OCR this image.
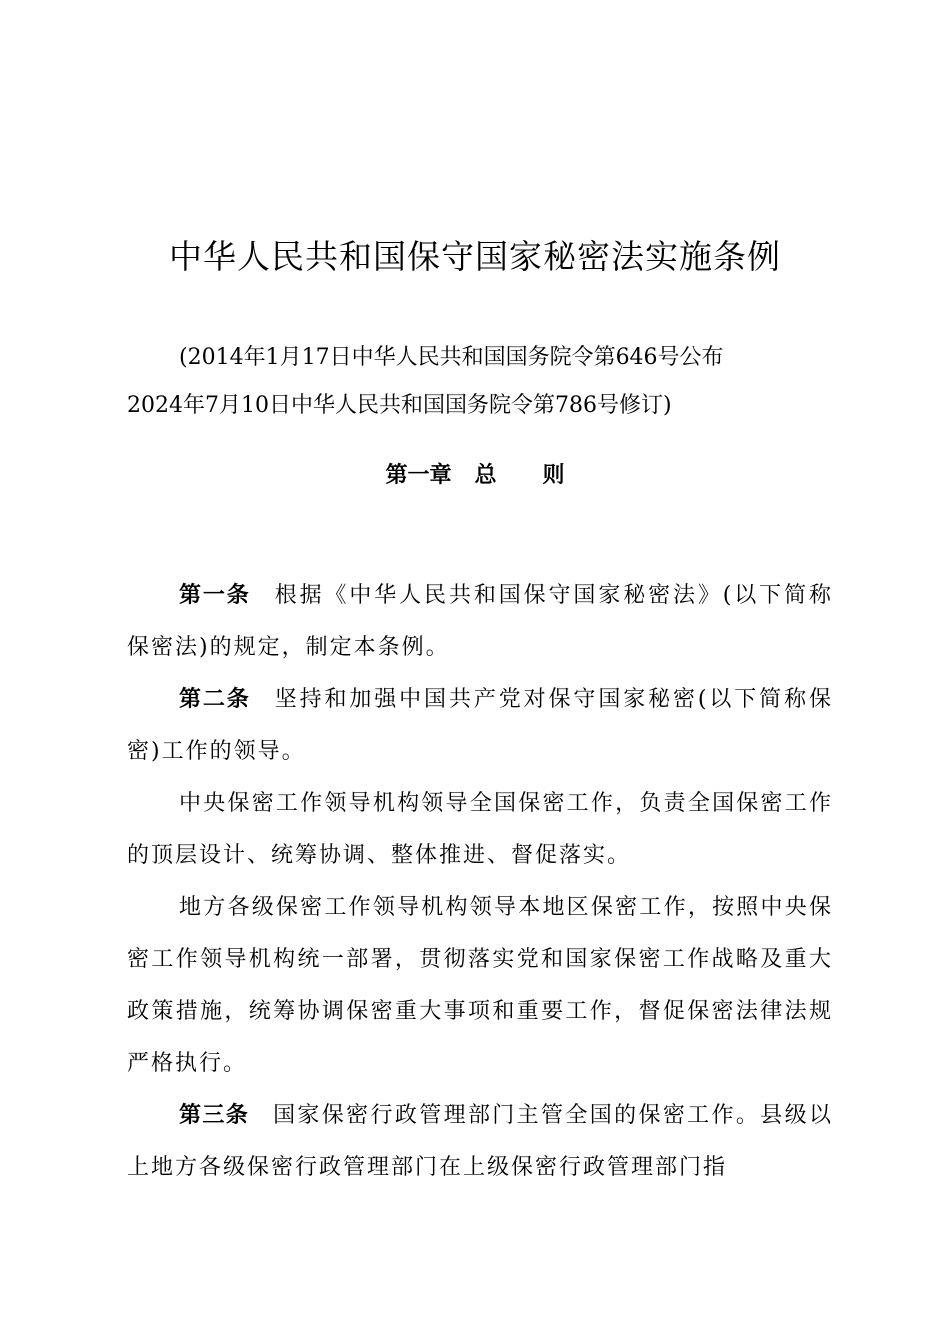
中华人民共和国保守国家秘密法实施条例
(2014年1月17日中华人民共和国国务院令第646号公布
2024年7月10日中华人民共和国国务院令第786号修订)
第一章   总      则

第一条 根据《中华人民共和国保守国家秘密法》(以下简称保密法)的规定，制定本条例。

第二条 坚持和加强中国共产党对保守国家秘密(以下简称保密)工作的领导。

中央保密工作领导机构领导全国保密工作，负责全国保密工作的顶层设计、统筹协调、整体推进、督促落实。

地方各级保密工作领导机构领导本地区保密工作，按照中央保密工作领导机构统一部署，贯彻落实党和国家保密工作战略及重大政策措施，统筹协调保密重大事项和重要工作，督促保密法律法规严格执行。

第三条 国家保密行政管理部门主管全国的保密工作。县级以上地方各级保密行政管理部门在上级保密行政管理部门指
